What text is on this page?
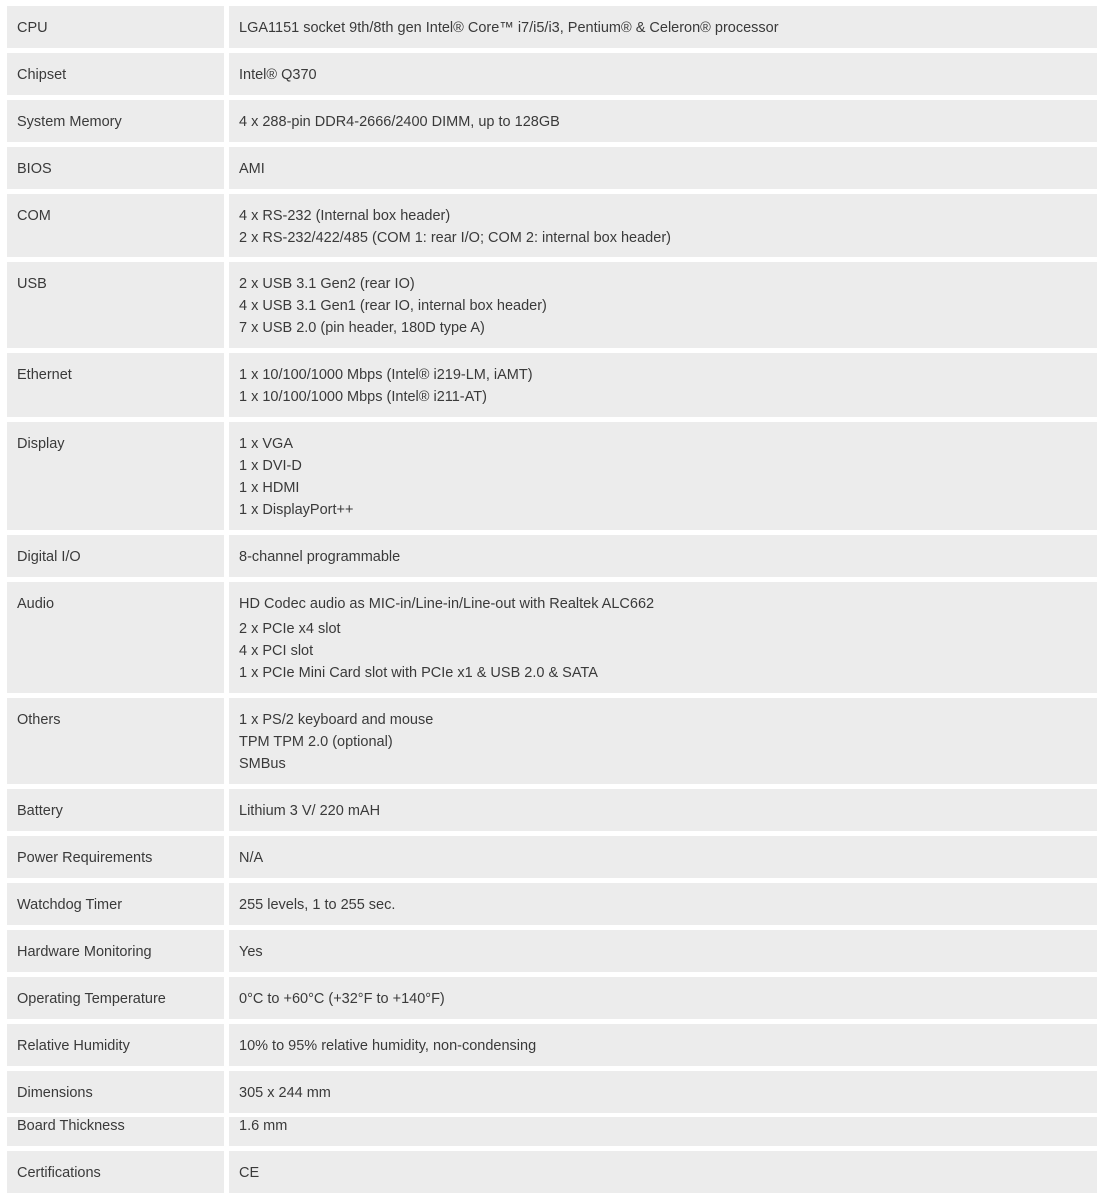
CPU	LGA1151 socket 9th/8th gen Intel® Core™ i7/i5/i3, Pentium® & Celeron® processor
Chipset	Intel® Q370
System Memory	4 x 288-pin DDR4-2666/2400 DIMM, up to 128GB
BIOS	AMI
COM	4 x RS-232 (Internal box header)
2 x RS-232/422/485 (COM 1: rear I/O; COM 2: internal box header)
USB	2 x USB 3.1 Gen2 (rear IO)
4 x USB 3.1 Gen1 (rear IO, internal box header)
7 x USB 2.0 (pin header, 180D type A)
Ethernet	1 x 10/100/1000 Mbps (Intel® i219-LM, iAMT)
1 x 10/100/1000 Mbps (Intel® i211-AT)
Display	1 x VGA
1 x DVI-D
1 x HDMI
1 x DisplayPort++
Digital I/O	8-channel programmable
Audio	HD Codec audio as MIC-in/Line-in/Line-out with Realtek ALC662
2 x PCIe x4 slot
4 x PCI slot
1 x PCIe Mini Card slot with PCIe x1 & USB 2.0 & SATA
Others	1 x PS/2 keyboard and mouse
TPM TPM 2.0 (optional)
SMBus
Battery	Lithium 3 V/ 220 mAH
Power Requirements	N/A
Watchdog Timer	255 levels, 1 to 255 sec.
Hardware Monitoring	Yes
Operating Temperature	0°C to +60°C (+32°F to +140°F)
Relative Humidity	10% to 95% relative humidity, non-condensing
Dimensions	305 x 244 mm
Board Thickness	1.6 mm
Certifications	CE
